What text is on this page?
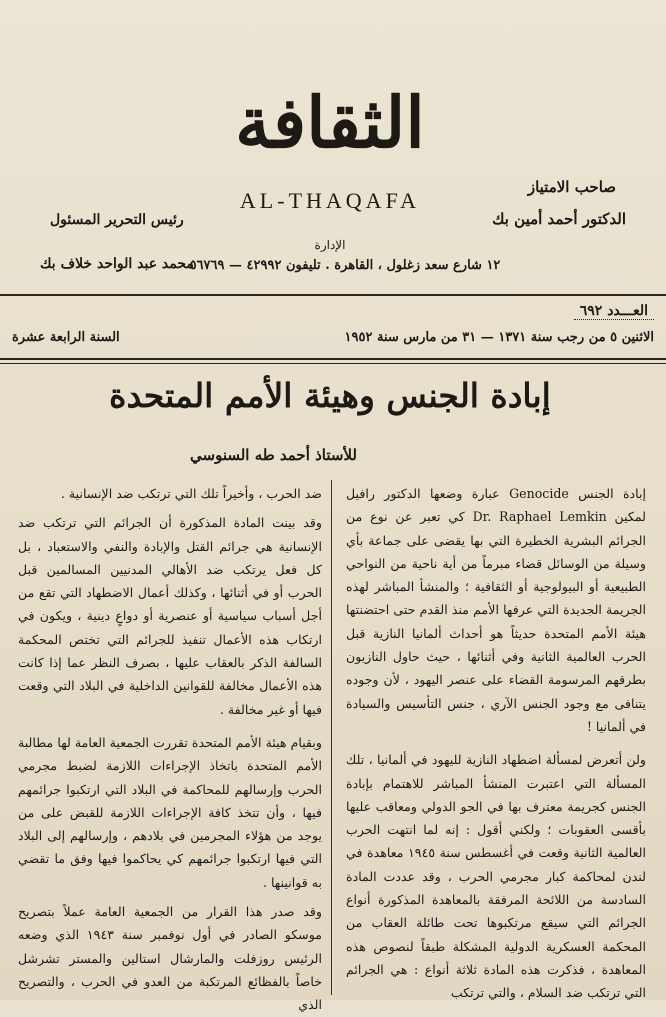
الثقافة
AL-THAQAFA
الإدارة
صاحب الامتياز
الدكتور أحمد أمين بك
رئيس التحرير المسئول
محمد عبد الواحد خلاف بك
١٢ شارع سعد زغلول ، القاهرة . تليفون ٤٢٩٩٢ — ٥٦٧٦٩
العـــدد ٦٩٢
الاثنين ٥ من رجب سنة ١٣٧١ — ٣١ من مارس سنة ١٩٥٢
السنة الرابعة عشرة
إبادة الجنس وهيئة الأمم المتحدة
للأستاذ أحمد طه السنوسي

إبادة الجنس Genocide عبارة وضعها الدكتور رافيل لمكين Dr. Raphael Lemkin كي تعبر عن نوع من الجرائم البشرية الخطيرة التي بها يقضى على جماعة بأي وسيلة من الوسائل قضاء مبرماً من أية ناحية من النواحي الطبيعية أو البيولوجية أو الثقافية ؛ والمنشأ المباشر لهذه الجريمة الجديدة التي عرفها الأمم منذ القدم حتى احتضنتها هيئة الأمم المتحدة حديثاً هو أحداث ألمانيا النازية قبل الحرب العالمية الثانية وفي أثنائها ، حيث حاول النازيون بطرقهم المرسومة القضاء على عنصر اليهود ، لأن وجوده يتنافى مع وجود الجنس الآري ، جنس التأسيس والسيادة في ألمانيا !

ولن أتعرض لمسألة اضطهاد النازية لليهود في ألمانيا ، تلك المسألة التي اعتبرت المنشأ المباشر للاهتمام بإبادة الجنس كجريمة معترف بها في الجو الدولي ومعاقب عليها بأقسى العقوبات ؛ ولكني أقول : إنه لما انتهت الحرب العالمية الثانية وقعت في أغسطس سنة ١٩٤٥ معاهدة في لندن لمحاكمة كبار مجرمي الحرب ، وقد عددت المادة السادسة من اللائحة المرفقة بالمعاهدة المذكورة أنواع الجرائم التي سيقع مرتكبوها تحت طائلة العقاب من المحكمة العسكرية الدولية المشكلة طبقاً لنصوص هذه المعاهدة ، فذكرت هذه المادة ثلاثة أنواع : هي الجرائم التي ترتكب ضد السلام ، والتي ترتكب

ضد الحرب ، وأخيراً تلك التي ترتكب ضد الإنسانية .

وقد بينت المادة المذكورة أن الجرائم التي ترتكب ضد الإنسانية هي جرائم القتل والإبادة والنفي والاستعباد ، بل كل فعل يرتكب ضد الأهالي المدنيين المسالمين قبل الحرب أو في أثنائها ، وكذلك أعمال الاضطهاد التي تقع من أجل أسباب سياسية أو عنصرية أو دواعٍ دينية ، ويكون في ارتكاب هذه الأعمال تنفيذ للجرائم التي تختص المحكمة السالفة الذكر بالعقاب عليها ، بصرف النظر عما إذا كانت هذه الأعمال مخالفة للقوانين الداخلية في البلاد التي وقعت فيها أو غير مخالفة .

وبقيام هيئة الأمم المتحدة تقررت الجمعية العامة لها مطالبة الأمم المتحدة باتخاذ الإجراءات اللازمة لضبط مجرمي الحرب وإرسالهم للمحاكمة في البلاد التي ارتكبوا جرائمهم فيها ، وأن تتخذ كافة الإجراءات اللازمة للقبض على من يوجد من هؤلاء المجرمين في بلادهم ، وإرسالهم إلى البلاد التي فيها ارتكبوا جرائمهم كي يحاكموا فيها وفق ما تقضي به قوانينها .

وقد صدر هذا القرار من الجمعية العامة عملاً بتصريح موسكو الصادر في أول نوفمبر سنة ١٩٤٣ الذي وضعه الرئيس روزفلت والمارشال استالين والمستر تشرشل خاصاً بالفظائع المرتكبة من العدو في الحرب ، والتصريح الذي
